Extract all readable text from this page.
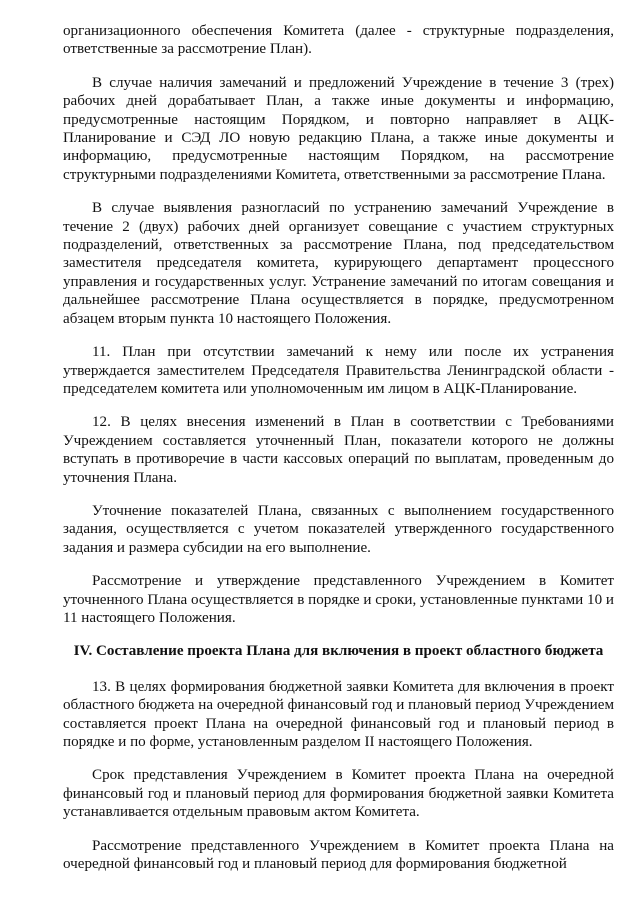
организационного обеспечения Комитета (далее - структурные подразделения, ответственные за рассмотрение План).

В случае наличия замечаний и предложений Учреждение в течение 3 (трех) рабочих дней дорабатывает План, а также иные документы и информацию, предусмотренные настоящим Порядком, и повторно направляет в АЦК-Планирование и СЭД ЛО новую редакцию Плана, а также иные документы и информацию, предусмотренные настоящим Порядком, на рассмотрение структурными подразделениями Комитета, ответственными за рассмотрение Плана.

В случае выявления разногласий по устранению замечаний Учреждение в течение 2 (двух) рабочих дней организует совещание с участием структурных подразделений, ответственных за рассмотрение Плана, под председательством заместителя председателя комитета, курирующего департамент процессного управления и государственных услуг. Устранение замечаний по итогам совещания и дальнейшее рассмотрение Плана осуществляется в порядке, предусмотренном абзацем вторым пункта 10 настоящего Положения.

11. План при отсутствии замечаний к нему или после их устранения утверждается заместителем Председателя Правительства Ленинградской области - председателем комитета или уполномоченным им лицом в АЦК-Планирование.

12. В целях внесения изменений в План в соответствии с Требованиями Учреждением составляется уточненный План, показатели которого не должны вступать в противоречие в части кассовых операций по выплатам, проведенным до уточнения Плана.

Уточнение показателей Плана, связанных с выполнением государственного задания, осуществляется с учетом показателей утвержденного государственного задания и размера субсидии на его выполнение.

Рассмотрение и утверждение представленного Учреждением в Комитет уточненного Плана осуществляется в порядке и сроки, установленные пунктами 10 и 11 настоящего Положения.

IV. Составление проекта Плана для включения в проект областного бюджета

13. В целях формирования бюджетной заявки Комитета для включения в проект областного бюджета на очередной финансовый год и плановый период Учреждением составляется проект Плана на очередной финансовый год и плановый период в порядке и по форме, установленным разделом II настоящего Положения.

Срок представления Учреждением в Комитет проекта Плана на очередной финансовый год и плановый период для формирования бюджетной заявки Комитета устанавливается отдельным правовым актом Комитета.

Рассмотрение представленного Учреждением в Комитет проекта Плана на очередной финансовый год и плановый период для формирования бюджетной
